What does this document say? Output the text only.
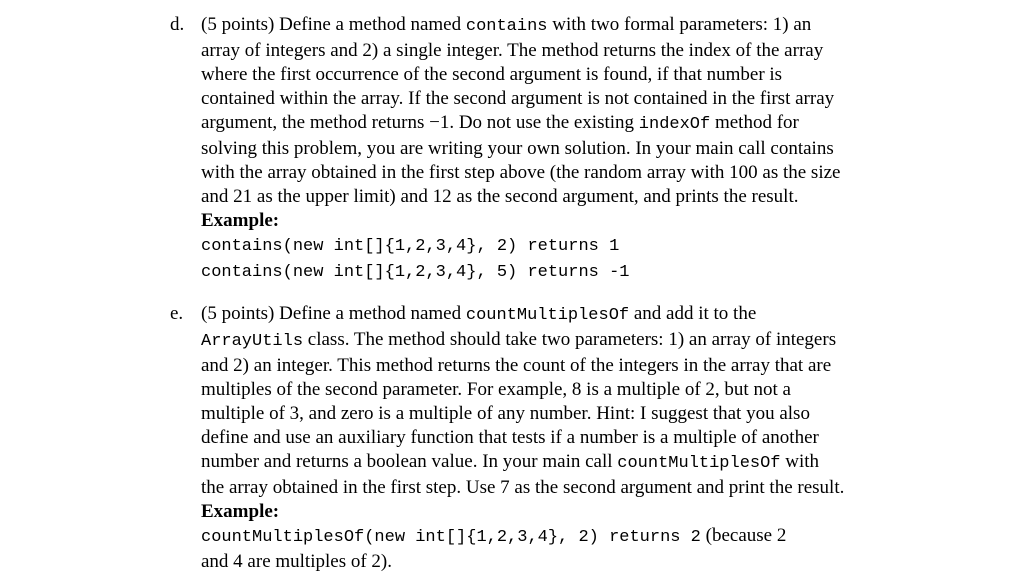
d. (5 points) Define a method named contains with two formal parameters: 1) an
array of integers and 2) a single integer. The method returns the index of the array
where the first occurrence of the second argument is found, if that number is
contained within the array. If the second argument is not contained in the first array
argument, the method returns −1. Do not use the existing indexOf method for
solving this problem, you are writing your own solution. In your main call contains
with the array obtained in the first step above (the random array with 100 as the size
and 21 as the upper limit) and 12 as the second argument, and prints the result.
Example:
contains(new int[]{1,2,3,4}, 2) returns 1
contains(new int[]{1,2,3,4}, 5) returns -1
e. (5 points) Define a method named countMultiplesOf and add it to the
ArrayUtils class. The method should take two parameters: 1) an array of integers
and 2) an integer. This method returns the count of the integers in the array that are
multiples of the second parameter. For example, 8 is a multiple of 2, but not a
multiple of 3, and zero is a multiple of any number. Hint: I suggest that you also
define and use an auxiliary function that tests if a number is a multiple of another
number and returns a boolean value. In your main call countMultiplesOf with
the array obtained in the first step. Use 7 as the second argument and print the result.
Example:
countMultiplesOf(new int[]{1,2,3,4}, 2) returns 2 (because 2
and 4 are multiples of 2).
